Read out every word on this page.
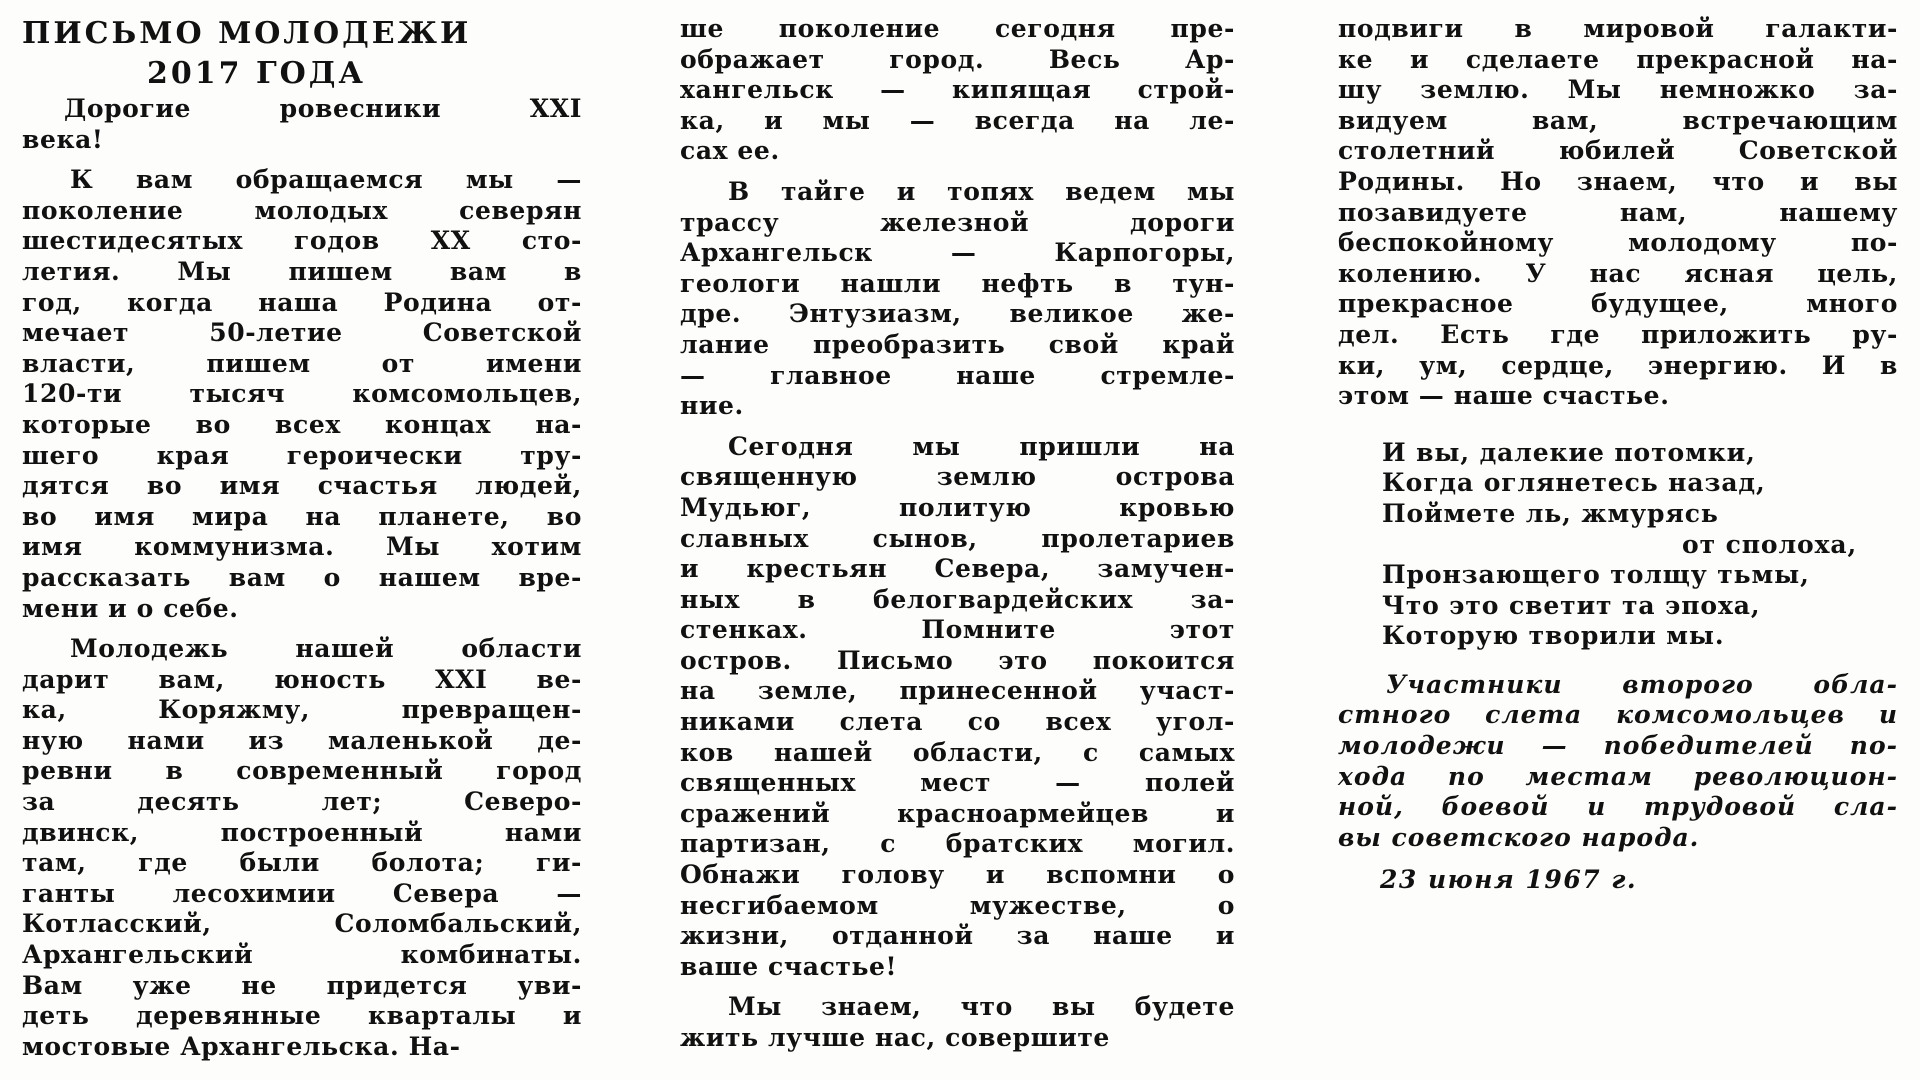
ПИСЬМО МОЛОДЕЖИ
2017 ГОДА
Дорогие ровесники XXI
века!
К вам обращаемся мы —
поколение молодых северян
шестидесятых годов XX сто-
летия. Мы пишем вам в
год, когда наша Родина от-
мечает 50-летие Советской
власти, пишем от имени
120-ти тысяч комсомольцев,
которые во всех концах на-
шего края героически тру-
дятся во имя счастья людей,
во имя мира на планете, во
имя коммунизма. Мы хотим
рассказать вам о нашем вре-
мени и о себе.
Молодежь нашей области
дарит вам, юность XXI ве-
ка, Коряжму, превращен-
ную нами из маленькой де-
ревни в современный город
за десять лет; Северо-
двинск, построенный нами
там, где были болота; ги-
ганты лесохимии Севера —
Котласский, Соломбальский,
Архангельский комбинаты.
Вам уже не придется уви-
деть деревянные кварталы и
мостовые Архангельска. На-
ше поколение сегодня пре-
ображает город. Весь Ар-
хангельск — кипящая строй-
ка, и мы — всегда на ле-
сах ее.
В тайге и топях ведем мы
трассу железной дороги
Архангельск — Карпогоры,
геологи нашли нефть в тун-
дре. Энтузиазм, великое же-
лание преобразить свой край
— главное наше стремле-
ние.
Сегодня мы пришли на
священную землю острова
Мудьюг, политую кровью
славных сынов, пролетариев
и крестьян Севера, замучен-
ных в белогвардейских за-
стенках. Помните этот
остров. Письмо это покоится
на земле, принесенной участ-
никами слета со всех угол-
ков нашей области, с самых
священных мест — полей
сражений красноармейцев и
партизан, с братских могил.
Обнажи голову и вспомни о
несгибаемом мужестве, о
жизни, отданной за наше и
ваше счастье!
Мы знаем, что вы будете
жить лучше нас, совершите
подвиги в мировой галакти-
ке и сделаете прекрасной на-
шу землю. Мы немножко за-
видуем вам, встречающим
столетний юбилей Советской
Родины. Но знаем, что и вы
позавидуете нам, нашему
беспокойному молодому по-
колению. У нас ясная цель,
прекрасное будущее, много
дел. Есть где приложить ру-
ки, ум, сердце, энергию. И в
этом — наше счастье.
И вы, далекие потомки,
Когда оглянетесь назад,
Поймете ль, жмурясь
от сполоха,
Пронзающего толщу тьмы,
Что это светит та эпоха,
Которую творили мы.
Участники второго обла-
стного слета комсомольцев и
молодежи — победителей по-
хода по местам революцион-
ной, боевой и трудовой сла-
вы советского народа.
23 июня 1967 г.
